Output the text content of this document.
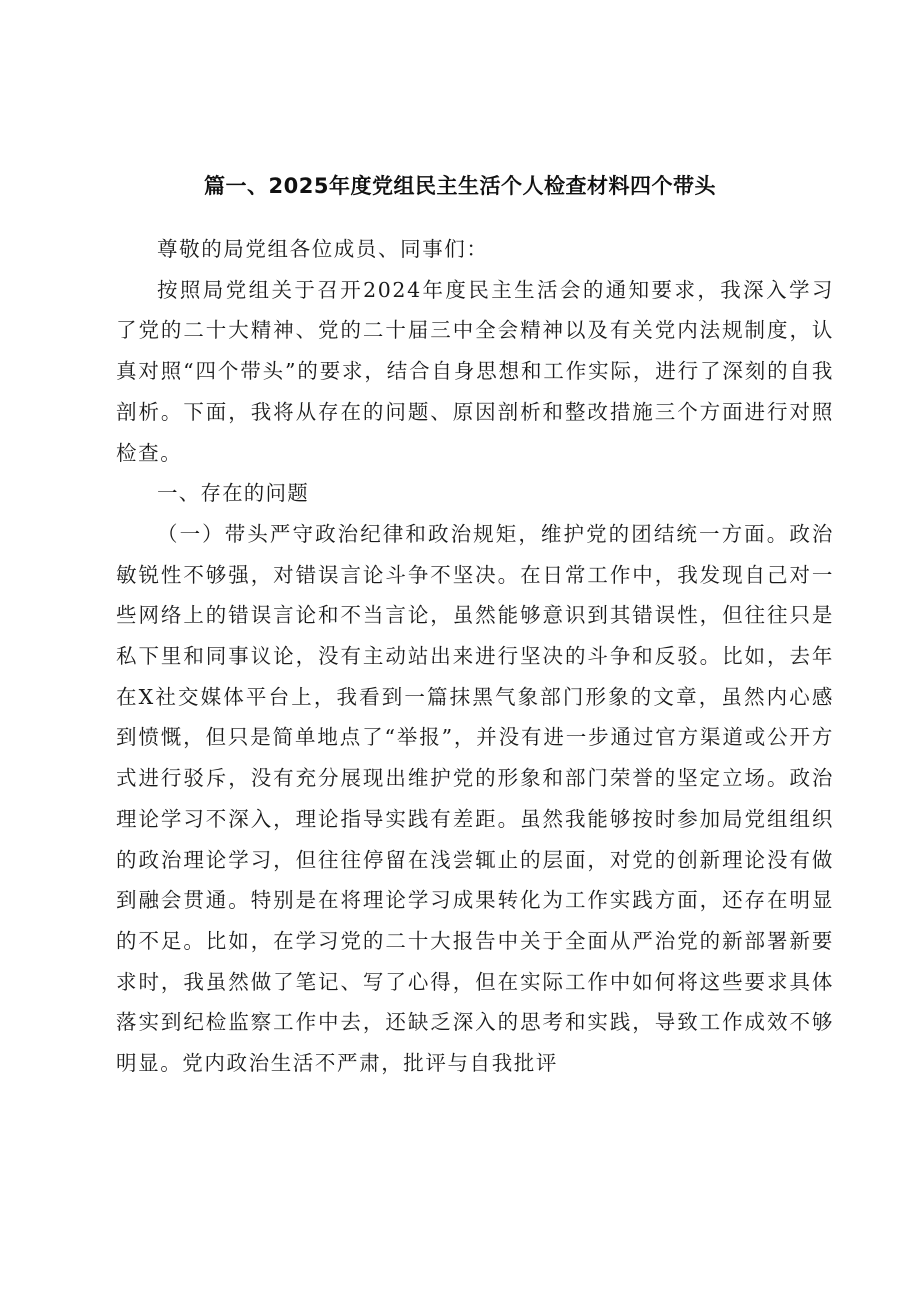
篇一、2025年度党组民主生活个人检查材料四个带头

尊敬的局党组各位成员、同事们：

按照局党组关于召开2024年度民主生活会的通知要求，我深入学习了党的二十大精神、党的二十届三中全会精神以及有关党内法规制度，认真对照“四个带头”的要求，结合自身思想和工作实际，进行了深刻的自我剖析。下面，我将从存在的问题、原因剖析和整改措施三个方面进行对照检查。

一、存在的问题

（一）带头严守政治纪律和政治规矩，维护党的团结统一方面。政治敏锐性不够强，对错误言论斗争不坚决。在日常工作中，我发现自己对一些网络上的错误言论和不当言论，虽然能够意识到其错误性，但往往只是私下里和同事议论，没有主动站出来进行坚决的斗争和反驳。比如，去年在X社交媒体平台上，我看到一篇抹黑气象部门形象的文章，虽然内心感到愤慨，但只是简单地点了“举报”，并没有进一步通过官方渠道或公开方式进行驳斥，没有充分展现出维护党的形象和部门荣誉的坚定立场。政治理论学习不深入，理论指导实践有差距。虽然我能够按时参加局党组组织的政治理论学习，但往往停留在浅尝辄止的层面，对党的创新理论没有做到融会贯通。特别是在将理论学习成果转化为工作实践方面，还存在明显的不足。比如，在学习党的二十大报告中关于全面从严治党的新部署新要求时，我虽然做了笔记、写了心得，但在实际工作中如何将这些要求具体落实到纪检监察工作中去，还缺乏深入的思考和实践，导致工作成效不够明显。党内政治生活不严肃，批评与自我批评
